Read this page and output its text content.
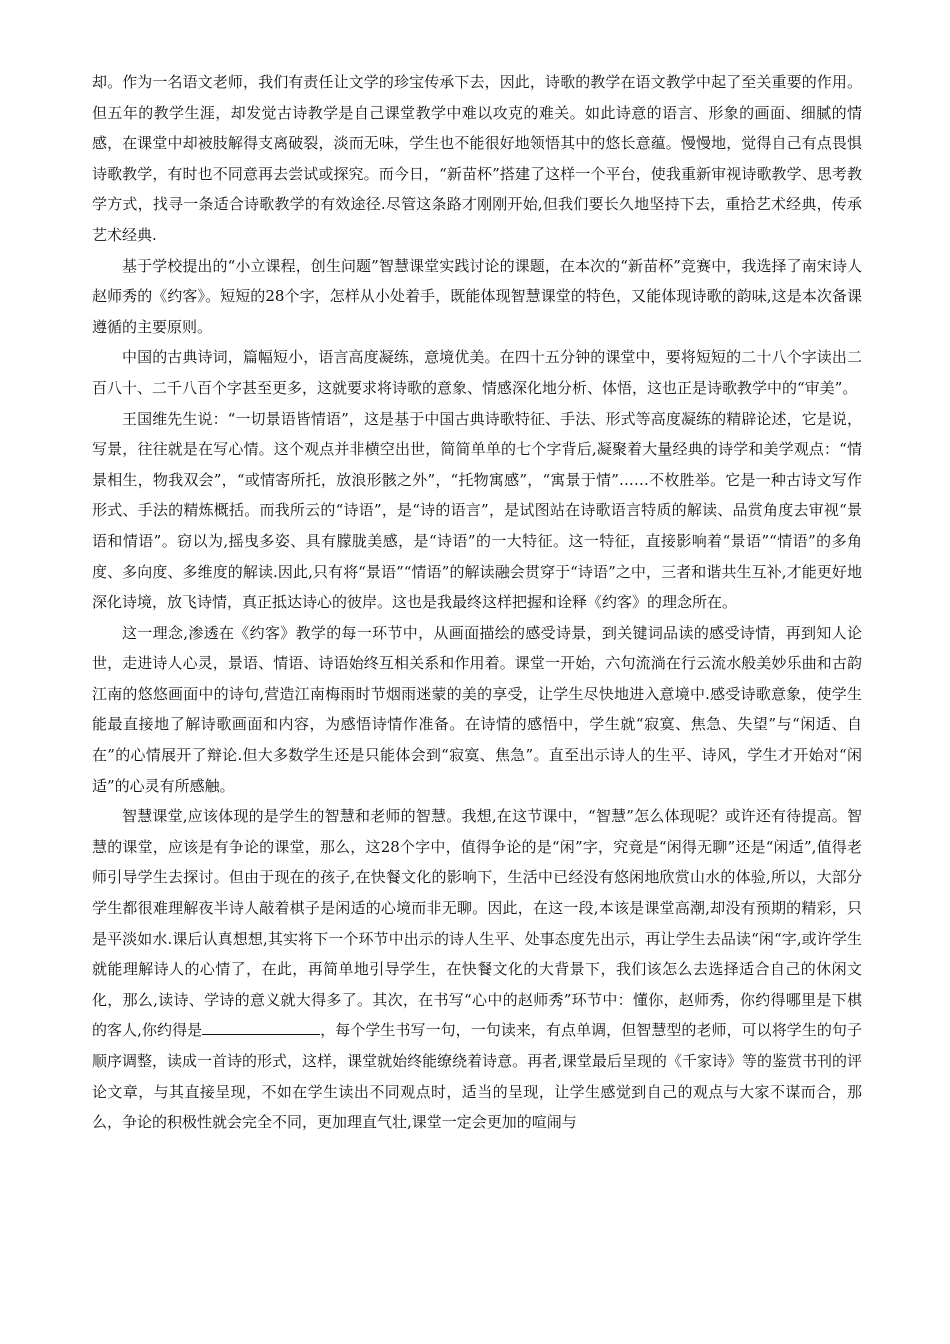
却。作为一名语文老师，我们有责任让文学的珍宝传承下去，因此，诗歌的教学在语文教学中起了至关重要的作用。但五年的教学生涯，却发觉古诗教学是自己课堂教学中难以攻克的难关。如此诗意的语言、形象的画面、细腻的情感，在课堂中却被肢解得支离破裂，淡而无味，学生也不能很好地领悟其中的悠长意蕴。慢慢地，觉得自己有点畏惧诗歌教学，有时也不同意再去尝试或探究。而今日，“新苗杯”搭建了这样一个平台，使我重新审视诗歌教学、思考教学方式，找寻一条适合诗歌教学的有效途径.尽管这条路才刚刚开始,但我们要长久地坚持下去，重拾艺术经典，传承艺术经典.

基于学校提出的“小立课程，创生问题”智慧课堂实践讨论的课题，在本次的“新苗杯”竞赛中，我选择了南宋诗人赵师秀的《约客》。短短的28个字，怎样从小处着手，既能体现智慧课堂的特色，又能体现诗歌的韵味,这是本次备课遵循的主要原则。

中国的古典诗词，篇幅短小，语言高度凝练，意境优美。在四十五分钟的课堂中，要将短短的二十八个字读出二百八十、二千八百个字甚至更多，这就要求将诗歌的意象、情感深化地分析、体悟，这也正是诗歌教学中的“审美”。

王国维先生说：“一切景语皆情语”，这是基于中国古典诗歌特征、手法、形式等高度凝练的精辟论述，它是说，写景，往往就是在写心情。这个观点并非横空出世，简简单单的七个字背后,凝聚着大量经典的诗学和美学观点：“情景相生，物我双会”，“或情寄所托，放浪形骸之外”，“托物寓感”，“寓景于情”……不枚胜举。它是一种古诗文写作形式、手法的精炼概括。而我所云的“诗语”，是“诗的语言”，是试图站在诗歌语言特质的解读、品赏角度去审视“景语和情语”。窃以为,摇曳多姿、具有朦胧美感，是“诗语”的一大特征。这一特征，直接影响着“景语”“情语”的多角度、多向度、多维度的解读.因此,只有将“景语”“情语”的解读融会贯穿于“诗语”之中，三者和谐共生互补,才能更好地深化诗境，放飞诗情，真正抵达诗心的彼岸。这也是我最终这样把握和诠释《约客》的理念所在。

这一理念,渗透在《约客》教学的每一环节中，从画面描绘的感受诗景，到关键词品读的感受诗情，再到知人论世，走进诗人心灵，景语、情语、诗语始终互相关系和作用着。课堂一开始，六句流淌在行云流水般美妙乐曲和古韵江南的悠悠画面中的诗句,营造江南梅雨时节烟雨迷蒙的美的享受，让学生尽快地进入意境中.感受诗歌意象，使学生能最直接地了解诗歌画面和内容，为感悟诗情作准备。在诗情的感悟中，学生就“寂寞、焦急、失望”与“闲适、自在”的心情展开了辩论.但大多数学生还是只能体会到“寂寞、焦急”。直至出示诗人的生平、诗风，学生才开始对“闲适”的心灵有所感触。

智慧课堂,应该体现的是学生的智慧和老师的智慧。我想,在这节课中，“智慧”怎么体现呢？或许还有待提高。智慧的课堂，应该是有争论的课堂，那么，这28个字中，值得争论的是“闲”字，究竟是“闲得无聊”还是“闲适”,值得老师引导学生去探讨。但由于现在的孩子,在快餐文化的影响下，生活中已经没有悠闲地欣赏山水的体验,所以，大部分学生都很难理解夜半诗人敲着棋子是闲适的心境而非无聊。因此，在这一段,本该是课堂高潮,却没有预期的精彩，只是平淡如水.课后认真想想,其实将下一个环节中出示的诗人生平、处事态度先出示，再让学生去品读“闲“字,或许学生就能理解诗人的心情了，在此，再简单地引导学生，在快餐文化的大背景下，我们该怎么去选择适合自己的休闲文化，那么,读诗、学诗的意义就大得多了。其次，在书写“心中的赵师秀”环节中：懂你，赵师秀，你约得哪里是下棋的客人,你约得是	，每个学生书写一句，一句读来，有点单调，但智慧型的老师，可以将学生的句子顺序调整，读成一首诗的形式，这样，课堂就始终能缭绕着诗意。再者,课堂最后呈现的《千家诗》等的鉴赏书刊的评论文章，与其直接呈现，不如在学生读出不同观点时，适当的呈现，让学生感觉到自己的观点与大家不谋而合，那么，争论的积极性就会完全不同，更加理直气壮,课堂一定会更加的喧闹与
